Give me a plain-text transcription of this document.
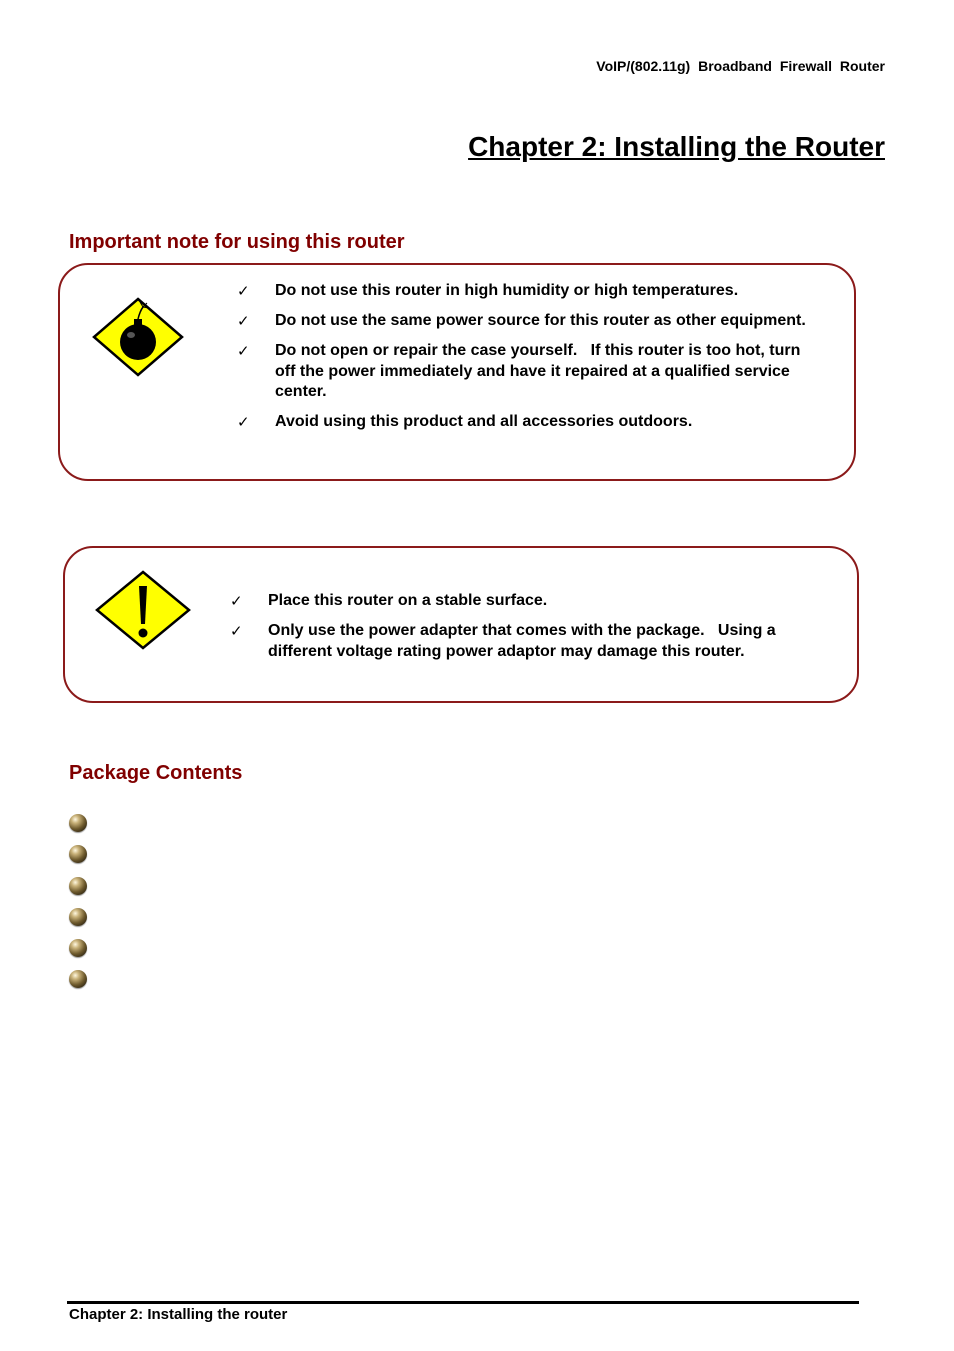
VoIP/(802.11g) Broadband Firewall Router
Chapter 2: Installing the Router
Important note for using this router
✓ Do not use this router in high humidity or high temperatures.
✓ Do not use the same power source for this router as other equipment.
✓ Do not open or repair the case yourself.   If this router is too hot, turn off the power immediately and have it repaired at a qualified service center.
✓ Avoid using this product and all accessories outdoors.
✓ Place this router on a stable surface.
✓ Only use the power adapter that comes with the package.   Using a different voltage rating power adaptor may damage this router.
Package Contents
Chapter 2: Installing the router
